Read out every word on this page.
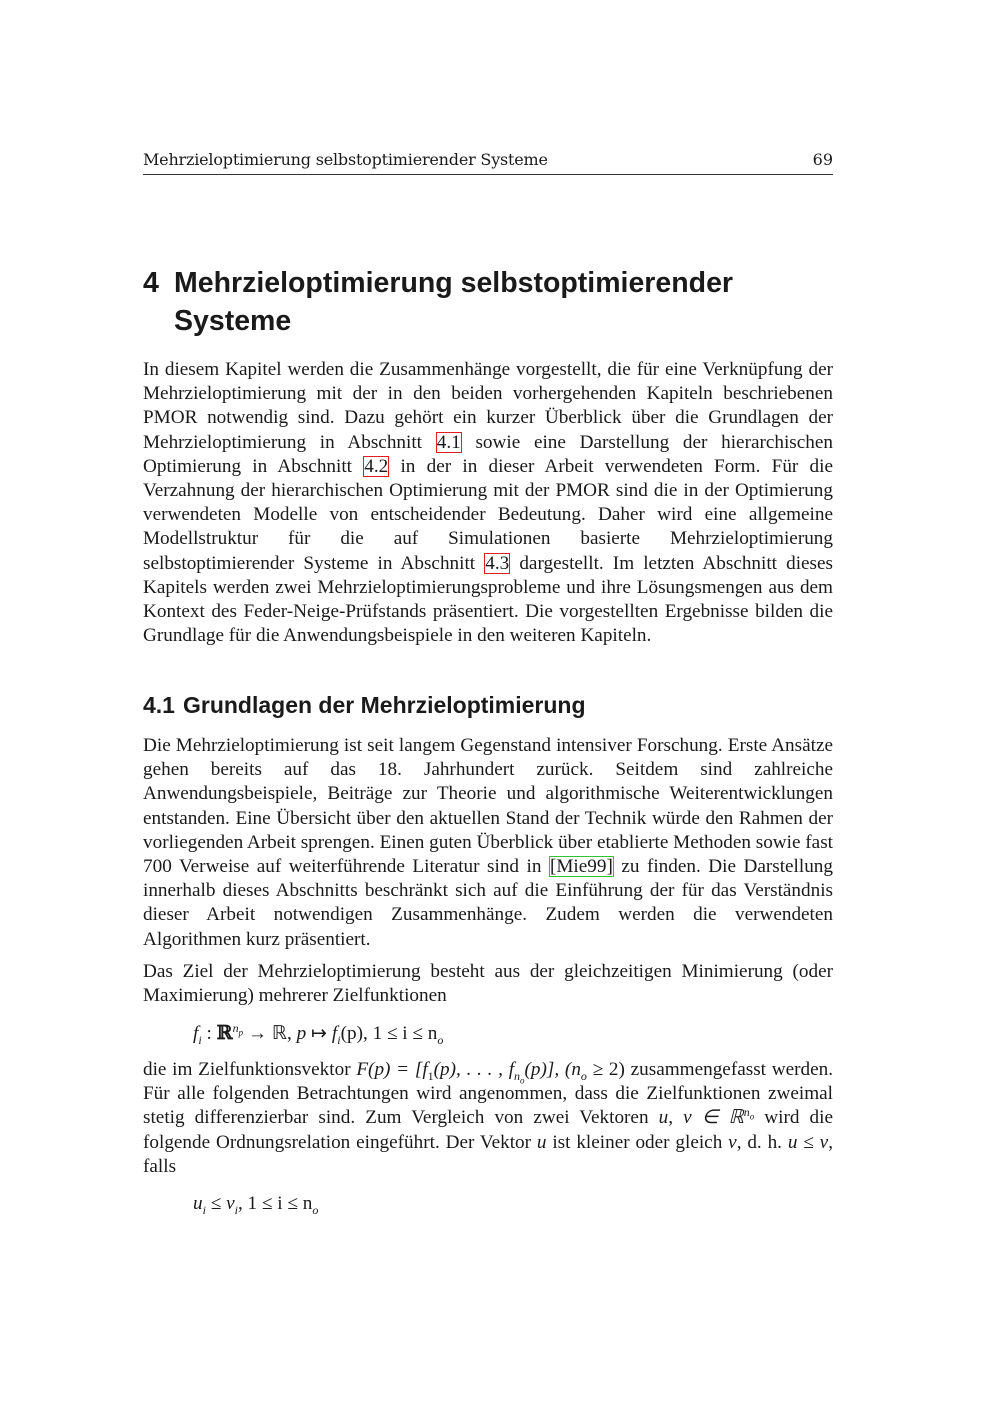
Mehrzieloptimierung selbstoptimierender Systeme	69
4 Mehrzieloptimierung selbstoptimierender Systeme

In diesem Kapitel werden die Zusammenhänge vorgestellt, die für eine Verknüpfung der Mehrzieloptimierung mit der in den beiden vorhergehenden Kapiteln beschriebenen PMOR notwendig sind. Dazu gehört ein kurzer Überblick über die Grundlagen der Mehrzieloptimierung in Abschnitt 4.1 sowie eine Darstellung der hierarchischen Optimierung in Abschnitt 4.2 in der in dieser Arbeit verwendeten Form. Für die Verzahnung der hierarchischen Optimierung mit der PMOR sind die in der Optimierung verwendeten Modelle von entscheidender Bedeutung. Daher wird eine allgemeine Modellstruktur für die auf Simulationen basierte Mehrzieloptimierung selbstoptimierender Systeme in Abschnitt 4.3 dargestellt. Im letzten Abschnitt dieses Kapitels werden zwei Mehrzieloptimierungsprobleme und ihre Lösungsmengen aus dem Kontext des Feder-Neige-Prüfstands präsentiert. Die vorgestellten Ergebnisse bilden die Grundlage für die Anwendungsbeispiele in den weiteren Kapiteln.

4.1 Grundlagen der Mehrzieloptimierung

Die Mehrzieloptimierung ist seit langem Gegenstand intensiver Forschung. Erste Ansätze gehen bereits auf das 18. Jahrhundert zurück. Seitdem sind zahlreiche Anwendungsbeispiele, Beiträge zur Theorie und algorithmische Weiterentwicklungen entstanden. Eine Übersicht über den aktuellen Stand der Technik würde den Rahmen der vorliegenden Arbeit sprengen. Einen guten Überblick über etablierte Methoden sowie fast 700 Verweise auf weiterführende Literatur sind in [Mie99] zu finden. Die Darstellung innerhalb dieses Abschnitts beschränkt sich auf die Einführung der für das Verständnis dieser Arbeit notwendigen Zusammenhänge. Zudem werden die verwendeten Algorithmen kurz präsentiert.

Das Ziel der Mehrzieloptimierung besteht aus der gleichzeitigen Minimierung (oder Maximierung) mehrerer Zielfunktionen

$f_i$ : ℝ$^{n_p}$ → ℝ, p ↦ $f_i(p)$, $1 \le i \le n_o$

die im Zielfunktionsvektor $F(p) = [f_1(p)$, . . . , $f_{n_o}(p)$], $(n_o \ge 2)$ zusammengefasst werden. Für alle folgenden Betrachtungen wird angenommen, dass die Zielfunktionen zweimal stetig differenzierbar sind. Zum Vergleich von zwei Vektoren u, v ∈ ℝ$^{n_o}$ wird die folgende Ordnungsrelation eingeführt. Der Vektor u ist kleiner oder gleich v, d. h. u ≤ v, falls

$u_i \le v_i$, $1 \le i \le n_o$
